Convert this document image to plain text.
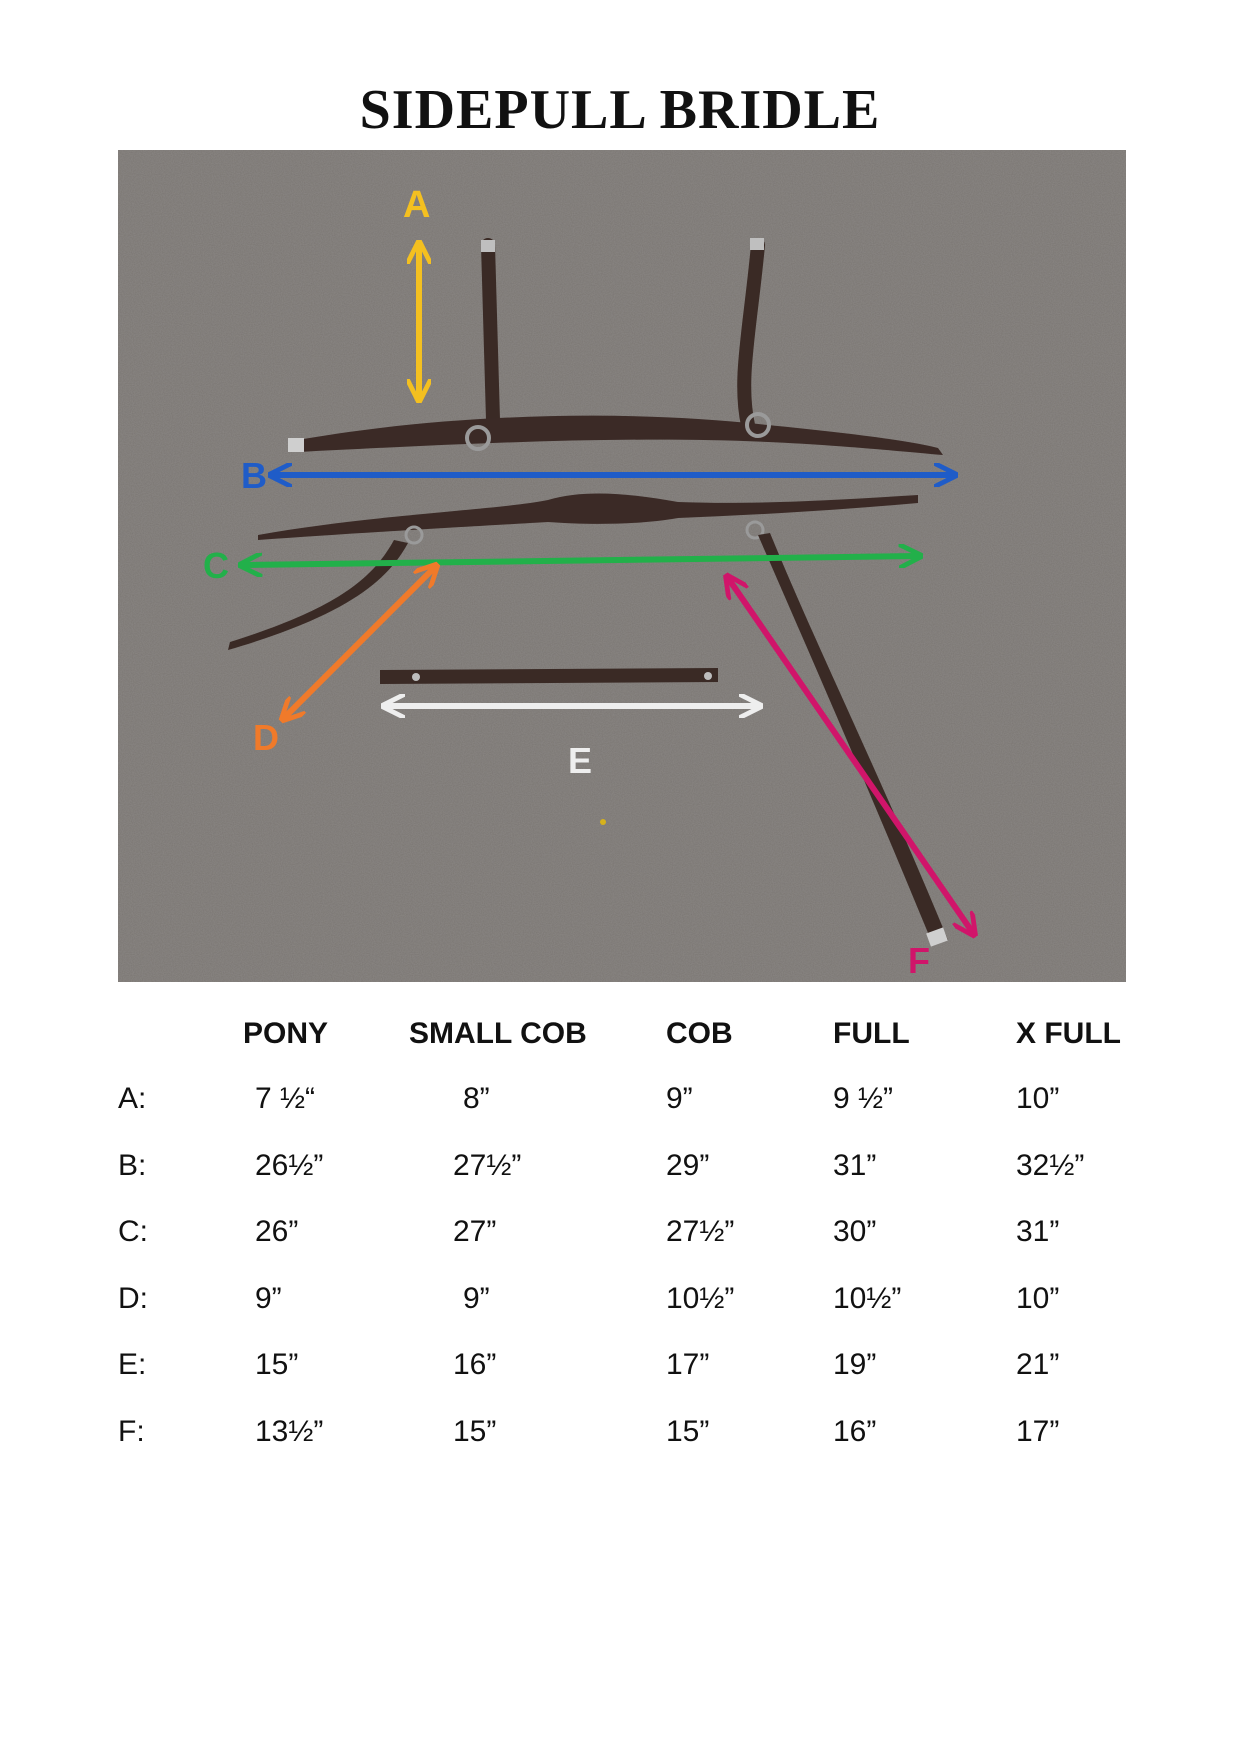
SIDEPULL BRIDLE
A
B
C
D
E
F
	PONY	SMALL COB	COB	FULL	X FULL
A:	7 ½“	8”	9”	9 ½”	10”
B:	26½”	27½”	29”	31”	32½”
C:	26”	27”	27½”	30”	31”
D:	9”	9”	10½”	10½”	10”
E:	15”	16”	17”	19”	21”
F:	13½”	15”	15”	16”	17”
